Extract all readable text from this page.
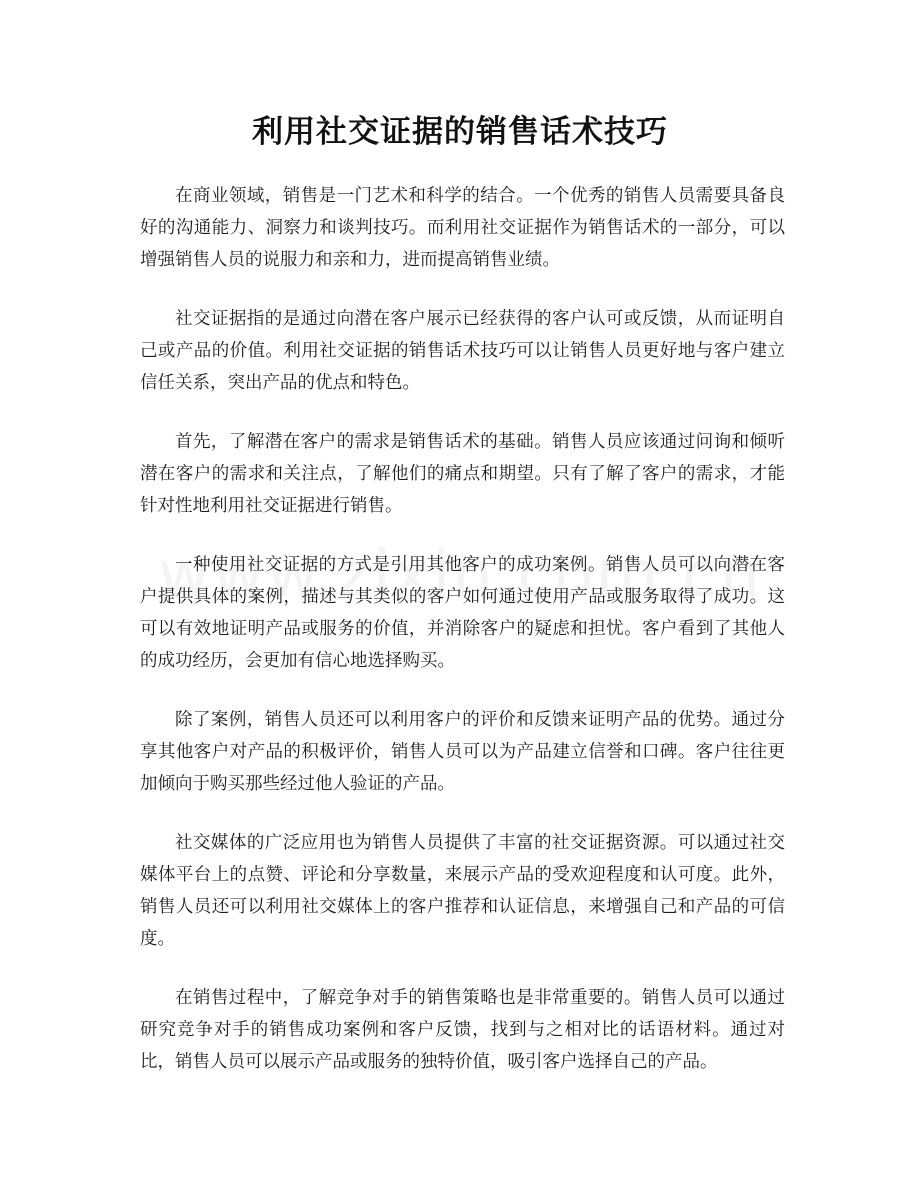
利用社交证据的销售话术技巧

在商业领域，销售是一门艺术和科学的结合。一个优秀的销售人员需要具备良好的沟通能力、洞察力和谈判技巧。而利用社交证据作为销售话术的一部分，可以增强销售人员的说服力和亲和力，进而提高销售业绩。

社交证据指的是通过向潜在客户展示已经获得的客户认可或反馈，从而证明自己或产品的价值。利用社交证据的销售话术技巧可以让销售人员更好地与客户建立信任关系，突出产品的优点和特色。

首先，了解潜在客户的需求是销售话术的基础。销售人员应该通过问询和倾听潜在客户的需求和关注点，了解他们的痛点和期望。只有了解了客户的需求，才能针对性地利用社交证据进行销售。

一种使用社交证据的方式是引用其他客户的成功案例。销售人员可以向潜在客户提供具体的案例，描述与其类似的客户如何通过使用产品或服务取得了成功。这可以有效地证明产品或服务的价值，并消除客户的疑虑和担忧。客户看到了其他人的成功经历，会更加有信心地选择购买。

除了案例，销售人员还可以利用客户的评价和反馈来证明产品的优势。通过分享其他客户对产品的积极评价，销售人员可以为产品建立信誉和口碑。客户往往更加倾向于购买那些经过他人验证的产品。

社交媒体的广泛应用也为销售人员提供了丰富的社交证据资源。可以通过社交媒体平台上的点赞、评论和分享数量，来展示产品的受欢迎程度和认可度。此外，销售人员还可以利用社交媒体上的客户推荐和认证信息，来增强自己和产品的可信度。

在销售过程中，了解竞争对手的销售策略也是非常重要的。销售人员可以通过研究竞争对手的销售成功案例和客户反馈，找到与之相对比的话语材料。通过对比，销售人员可以展示产品或服务的独特价值，吸引客户选择自己的产品。
